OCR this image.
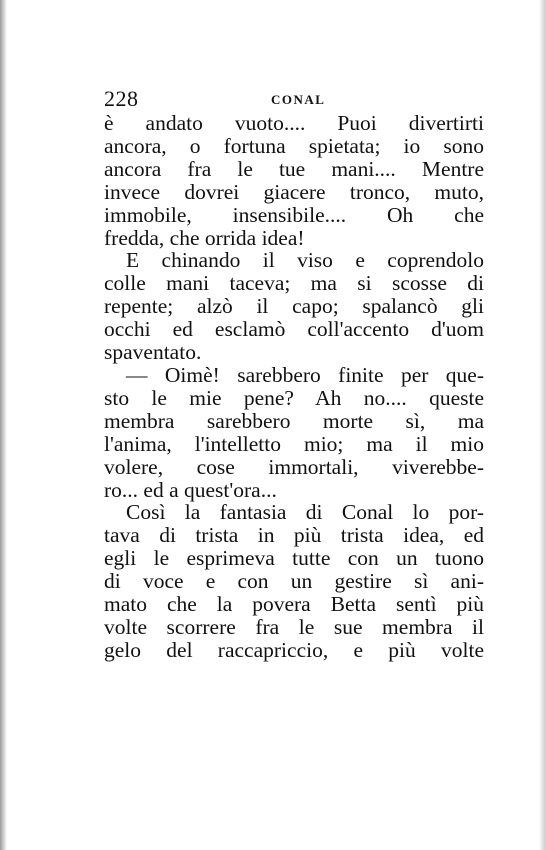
228	CONAL
è andato vuoto.... Puoi divertirti
ancora, o fortuna spietata; io sono
ancora fra le tue mani.... Mentre
invece dovrei giacere tronco, muto,
immobile, insensibile.... Oh che
fredda, che orrida idea!
E chinando il viso e coprendolo
colle mani taceva; ma si scosse di
repente; alzò il capo; spalancò gli
occhi ed esclamò coll'accento d'uom
spaventato.
— Oimè! sarebbero finite per que-
sto le mie pene? Ah no.... queste
membra sarebbero morte sì, ma
l'anima, l'intelletto mio; ma il mio
volere, cose immortali, viverebbe-
ro... ed a quest'ora...
Così la fantasia di Conal lo por-
tava di trista in più trista idea, ed
egli le esprimeva tutte con un tuono
di voce e con un gestire sì ani-
mato che la povera Betta sentì più
volte scorrere fra le sue membra il
gelo del raccapriccio, e più volte
